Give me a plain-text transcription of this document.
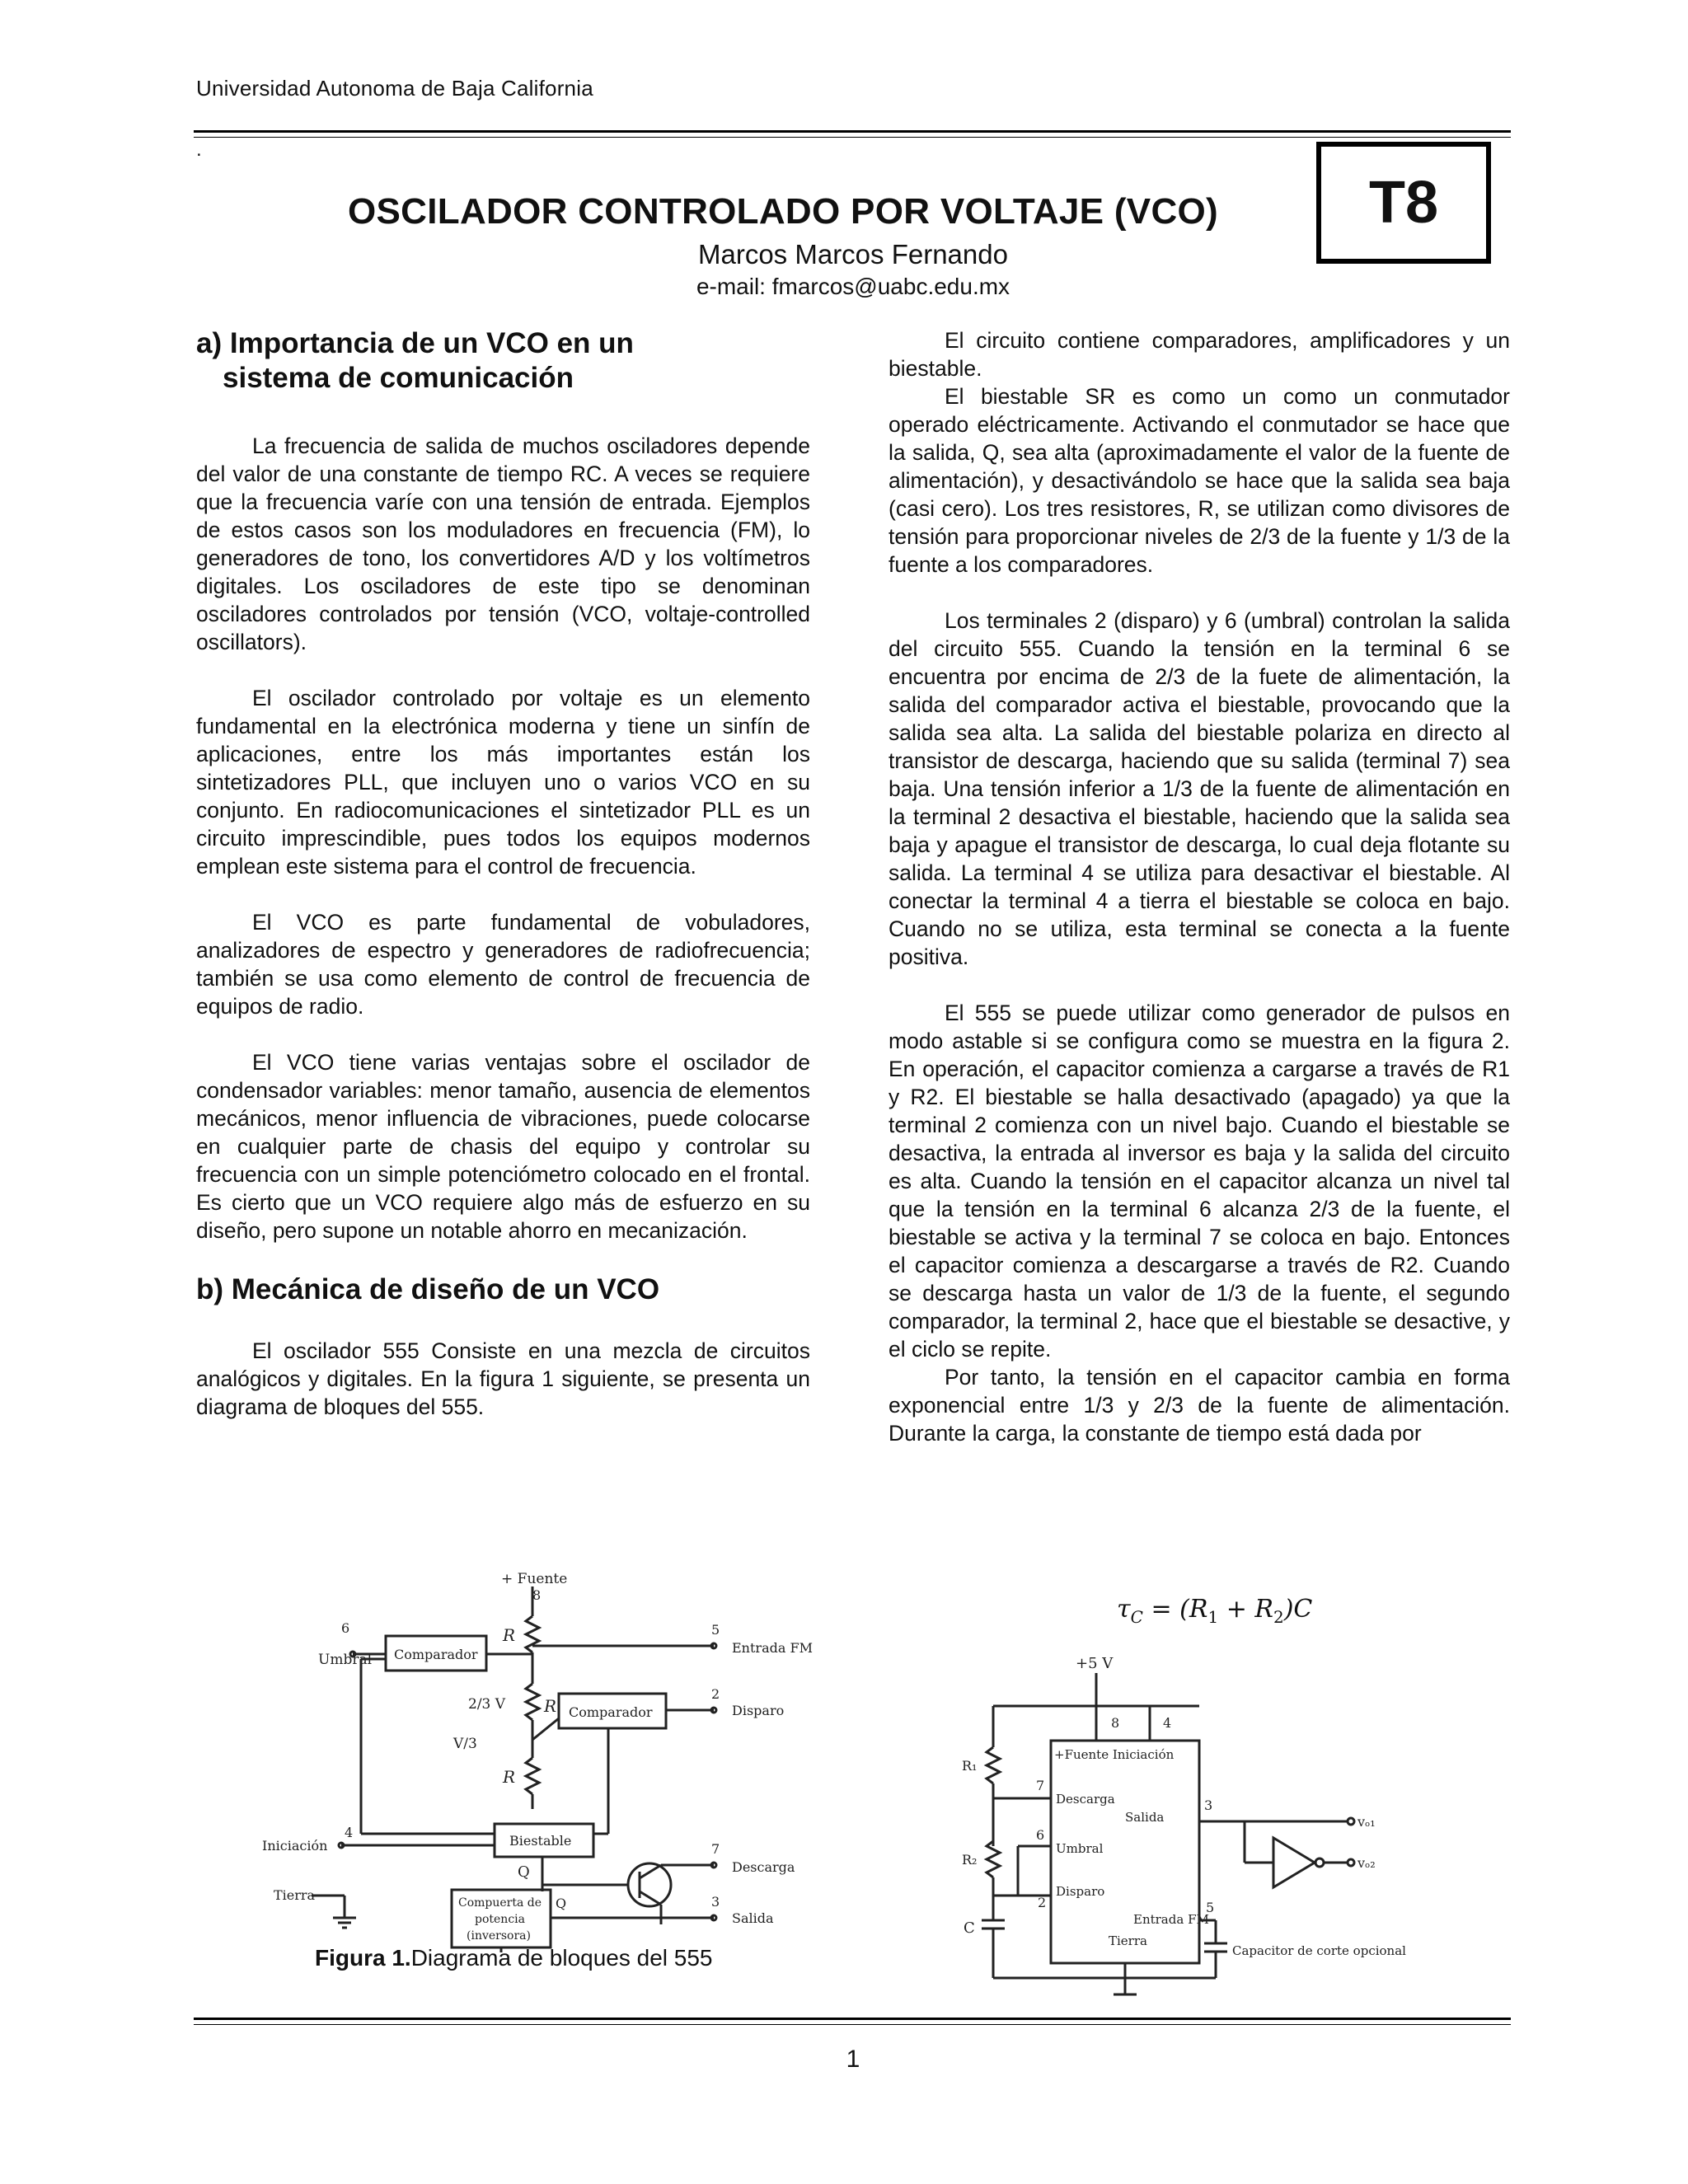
Universidad Autonoma de Baja California
.
OSCILADOR CONTROLADO POR VOLTAJE (VCO)	T8
Marcos Marcos Fernando
e-mail: fmarcos@uabc.edu.mx
a) Importancia de un VCO en un
sistema de comunicación

La frecuencia de salida de muchos osciladores depende del valor de una constante de tiempo RC. A veces se requiere que la frecuencia varíe con una tensión de entrada. Ejemplos de estos casos son los moduladores en frecuencia (FM), lo generadores de tono, los convertidores A/D y los voltímetros digitales. Los osciladores de este tipo se denominan osciladores controlados por tensión (VCO, voltaje-controlled oscillators).

El oscilador controlado por voltaje es un elemento fundamental en la electrónica moderna y tiene un sinfín de aplicaciones, entre los más importantes están los sintetizadores PLL, que incluyen uno o varios VCO en su conjunto. En radiocomunicaciones el sintetizador PLL es un circuito imprescindible, pues todos los equipos modernos emplean este sistema para el control de frecuencia.

El VCO es parte fundamental de vobuladores, analizadores de espectro y generadores de radiofrecuencia; también se usa como elemento de control de frecuencia de equipos de radio.

El VCO tiene varias ventajas sobre el oscilador de condensador variables: menor tamaño, ausencia de elementos mecánicos, menor influencia de vibraciones, puede colocarse en cualquier parte de chasis del equipo y controlar su frecuencia con un simple potenciómetro colocado en el frontal. Es cierto que un VCO requiere algo más de esfuerzo en su diseño, pero supone un notable ahorro en mecanización.

b) Mecánica de diseño de un VCO

El oscilador 555 Consiste en una mezcla de circuitos analógicos y digitales. En la figura 1 siguiente, se presenta un diagrama de bloques del 555.

El circuito contiene comparadores, amplificadores y un biestable.

El biestable SR es como un como un conmutador operado eléctricamente. Activando el conmutador se hace que la salida, Q, sea alta (aproximadamente el valor de la fuente de alimentación), y desactivándolo se hace que la salida sea baja (casi cero). Los tres resistores, R, se utilizan como divisores de tensión para proporcionar niveles de 2/3 de la fuente y 1/3 de la fuente a los comparadores.

Los terminales 2 (disparo) y 6 (umbral) controlan la salida del circuito 555. Cuando la tensión en la terminal 6 se encuentra por encima de 2/3 de la fuete de alimentación, la salida del comparador activa el biestable, provocando que la salida sea alta. La salida del biestable polariza en directo al transistor de descarga, haciendo que su salida (terminal 7) sea baja. Una tensión inferior a 1/3 de la fuente de alimentación en la terminal 2 desactiva el biestable, haciendo que la salida sea baja y apague el transistor de descarga, lo cual deja flotante su salida. La terminal 4 se utiliza para desactivar el biestable. Al conectar la terminal 4 a tierra el biestable se coloca en bajo. Cuando no se utiliza, esta terminal se conecta a la fuente positiva.

El 555 se puede utilizar como generador de pulsos en modo astable si se configura como se muestra en la figura 2. En operación, el capacitor comienza a cargarse a través de R1 y R2. El biestable se halla desactivado (apagado) ya que la terminal 2 comienza con un nivel bajo. Cuando el biestable se desactiva, la entrada al inversor es baja y la salida del circuito es alta. Cuando la tensión en el capacitor alcanza un nivel tal que la tensión en la terminal 6 alcanza 2/3 de la fuente, el biestable se activa y la terminal 7 se coloca en bajo. Entonces el capacitor comienza a descargarse a través de R2. Cuando se descarga hasta un valor de 1/3 de la fuente, el segundo comparador, la terminal 2, hace que el biestable se desactive, y el ciclo se repite.

Por tanto, la tensión en el capacitor cambia en forma exponencial entre 1/3 y 2/3 de la fuente de alimentación. Durante la carga, la constante de tiempo está dada por

$\tau_C = (R_1 + R_2)C$
+ Fuente
8
R
R
R
2/3 V
V/3
6
Umbral Comparador
5
Entrada FM
Comparador
2
Disparo
Biestable
Iniciación
4
Q
7
Descarga
Tierra	Compuerta de
potencia
(inversora)
Q	3
Salida
Figura 1.Diagrama de bloques del 555
+5 V
8	4
+Fuente Iniciación
R₁
7
Descarga
R₂
6
Umbral
Disparo
2
C	Entrada FM
Tierra
Salida
3
vₒ₂
vₒ₁
5
Capacitor de corte opcional
1
